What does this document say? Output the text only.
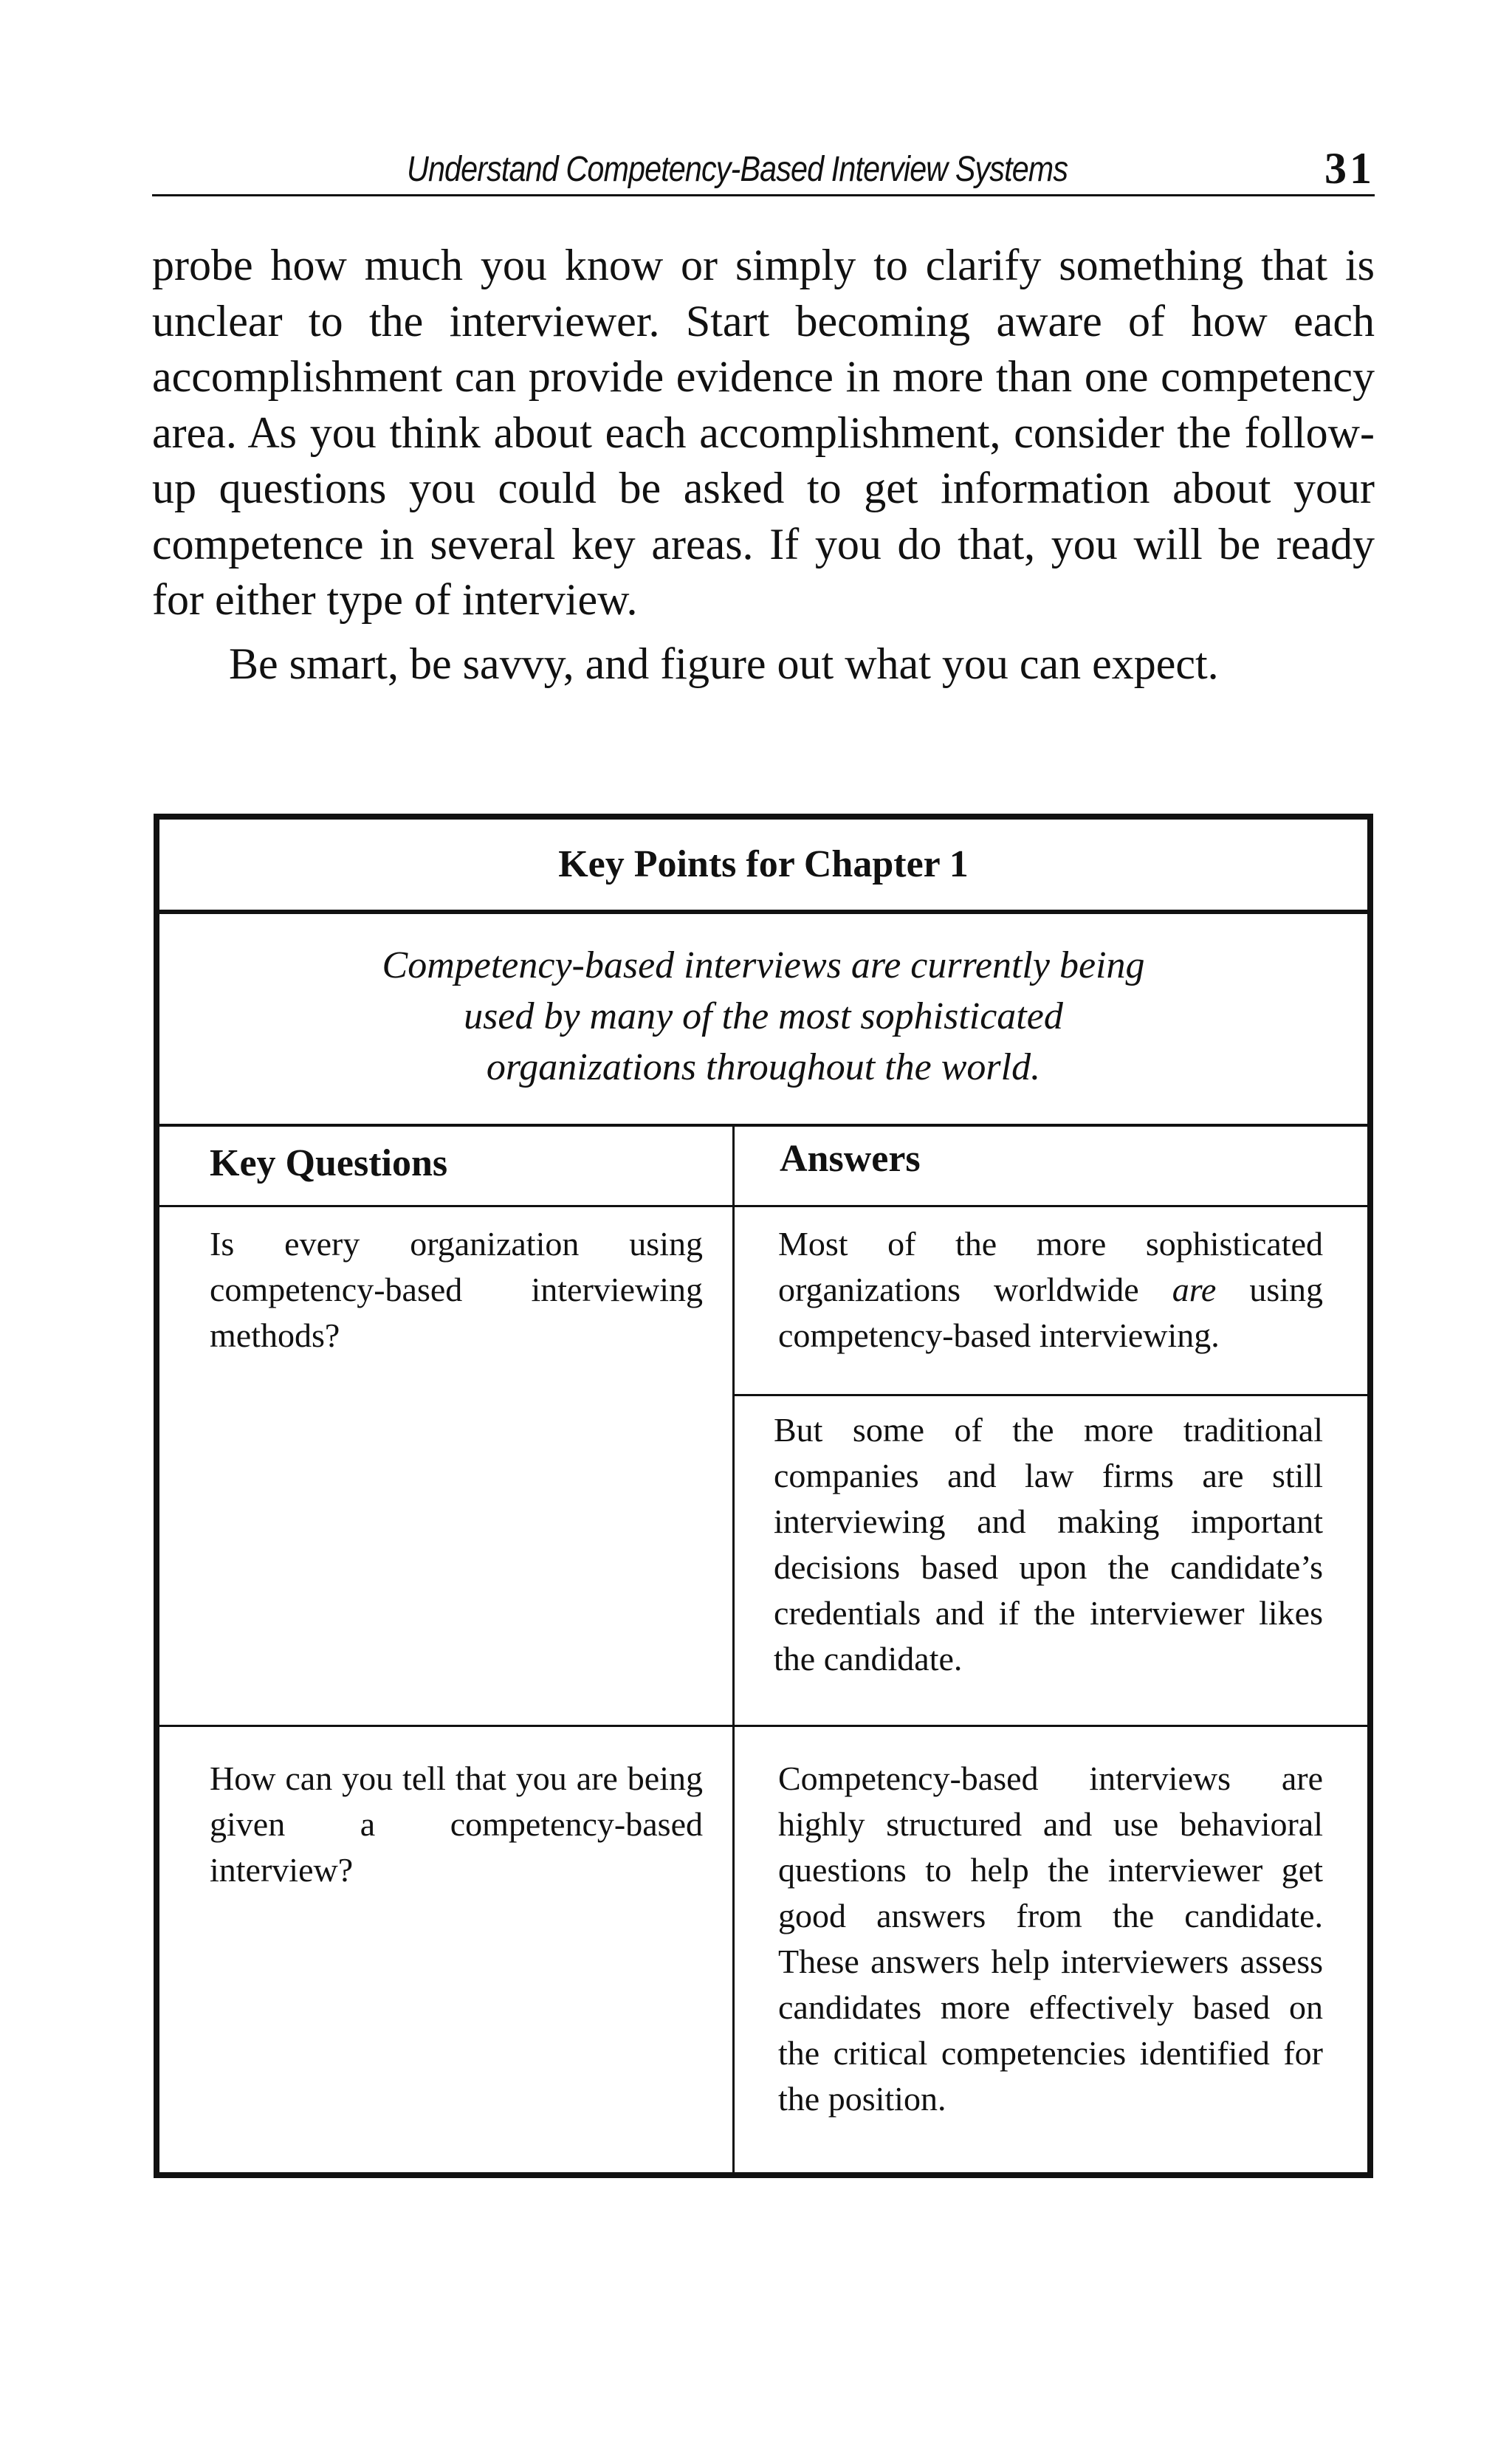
Understand Competency-Based Interview Systems	31

probe how much you know or simply to clarify something that is unclear to the interviewer. Start becoming aware of how each accomplishment can provide evidence in more than one competency area. As you think about each accomplishment, consider the follow-up questions you could be asked to get information about your competence in several key areas. If you do that, you will be ready for either type of interview.

Be smart, be savvy, and figure out what you can expect.

Key Points for Chapter 1
Competency-based interviews are currently being used by many of the most sophisticated organizations throughout the world.
Key Questions	Answers
Is every organization using competency-based interviewing methods?
Most of the more sophisticated organizations worldwide are using competency-based interviewing.
But some of the more traditional companies and law firms are still interviewing and making important decisions based upon the candidate’s credentials and if the interviewer likes the candidate.
How can you tell that you are being given a competency-based interview?
Competency-based interviews are highly structured and use behavioral questions to help the interviewer get good answers from the candidate. These answers help interviewers assess candidates more effectively based on the critical competencies identified for the position.
